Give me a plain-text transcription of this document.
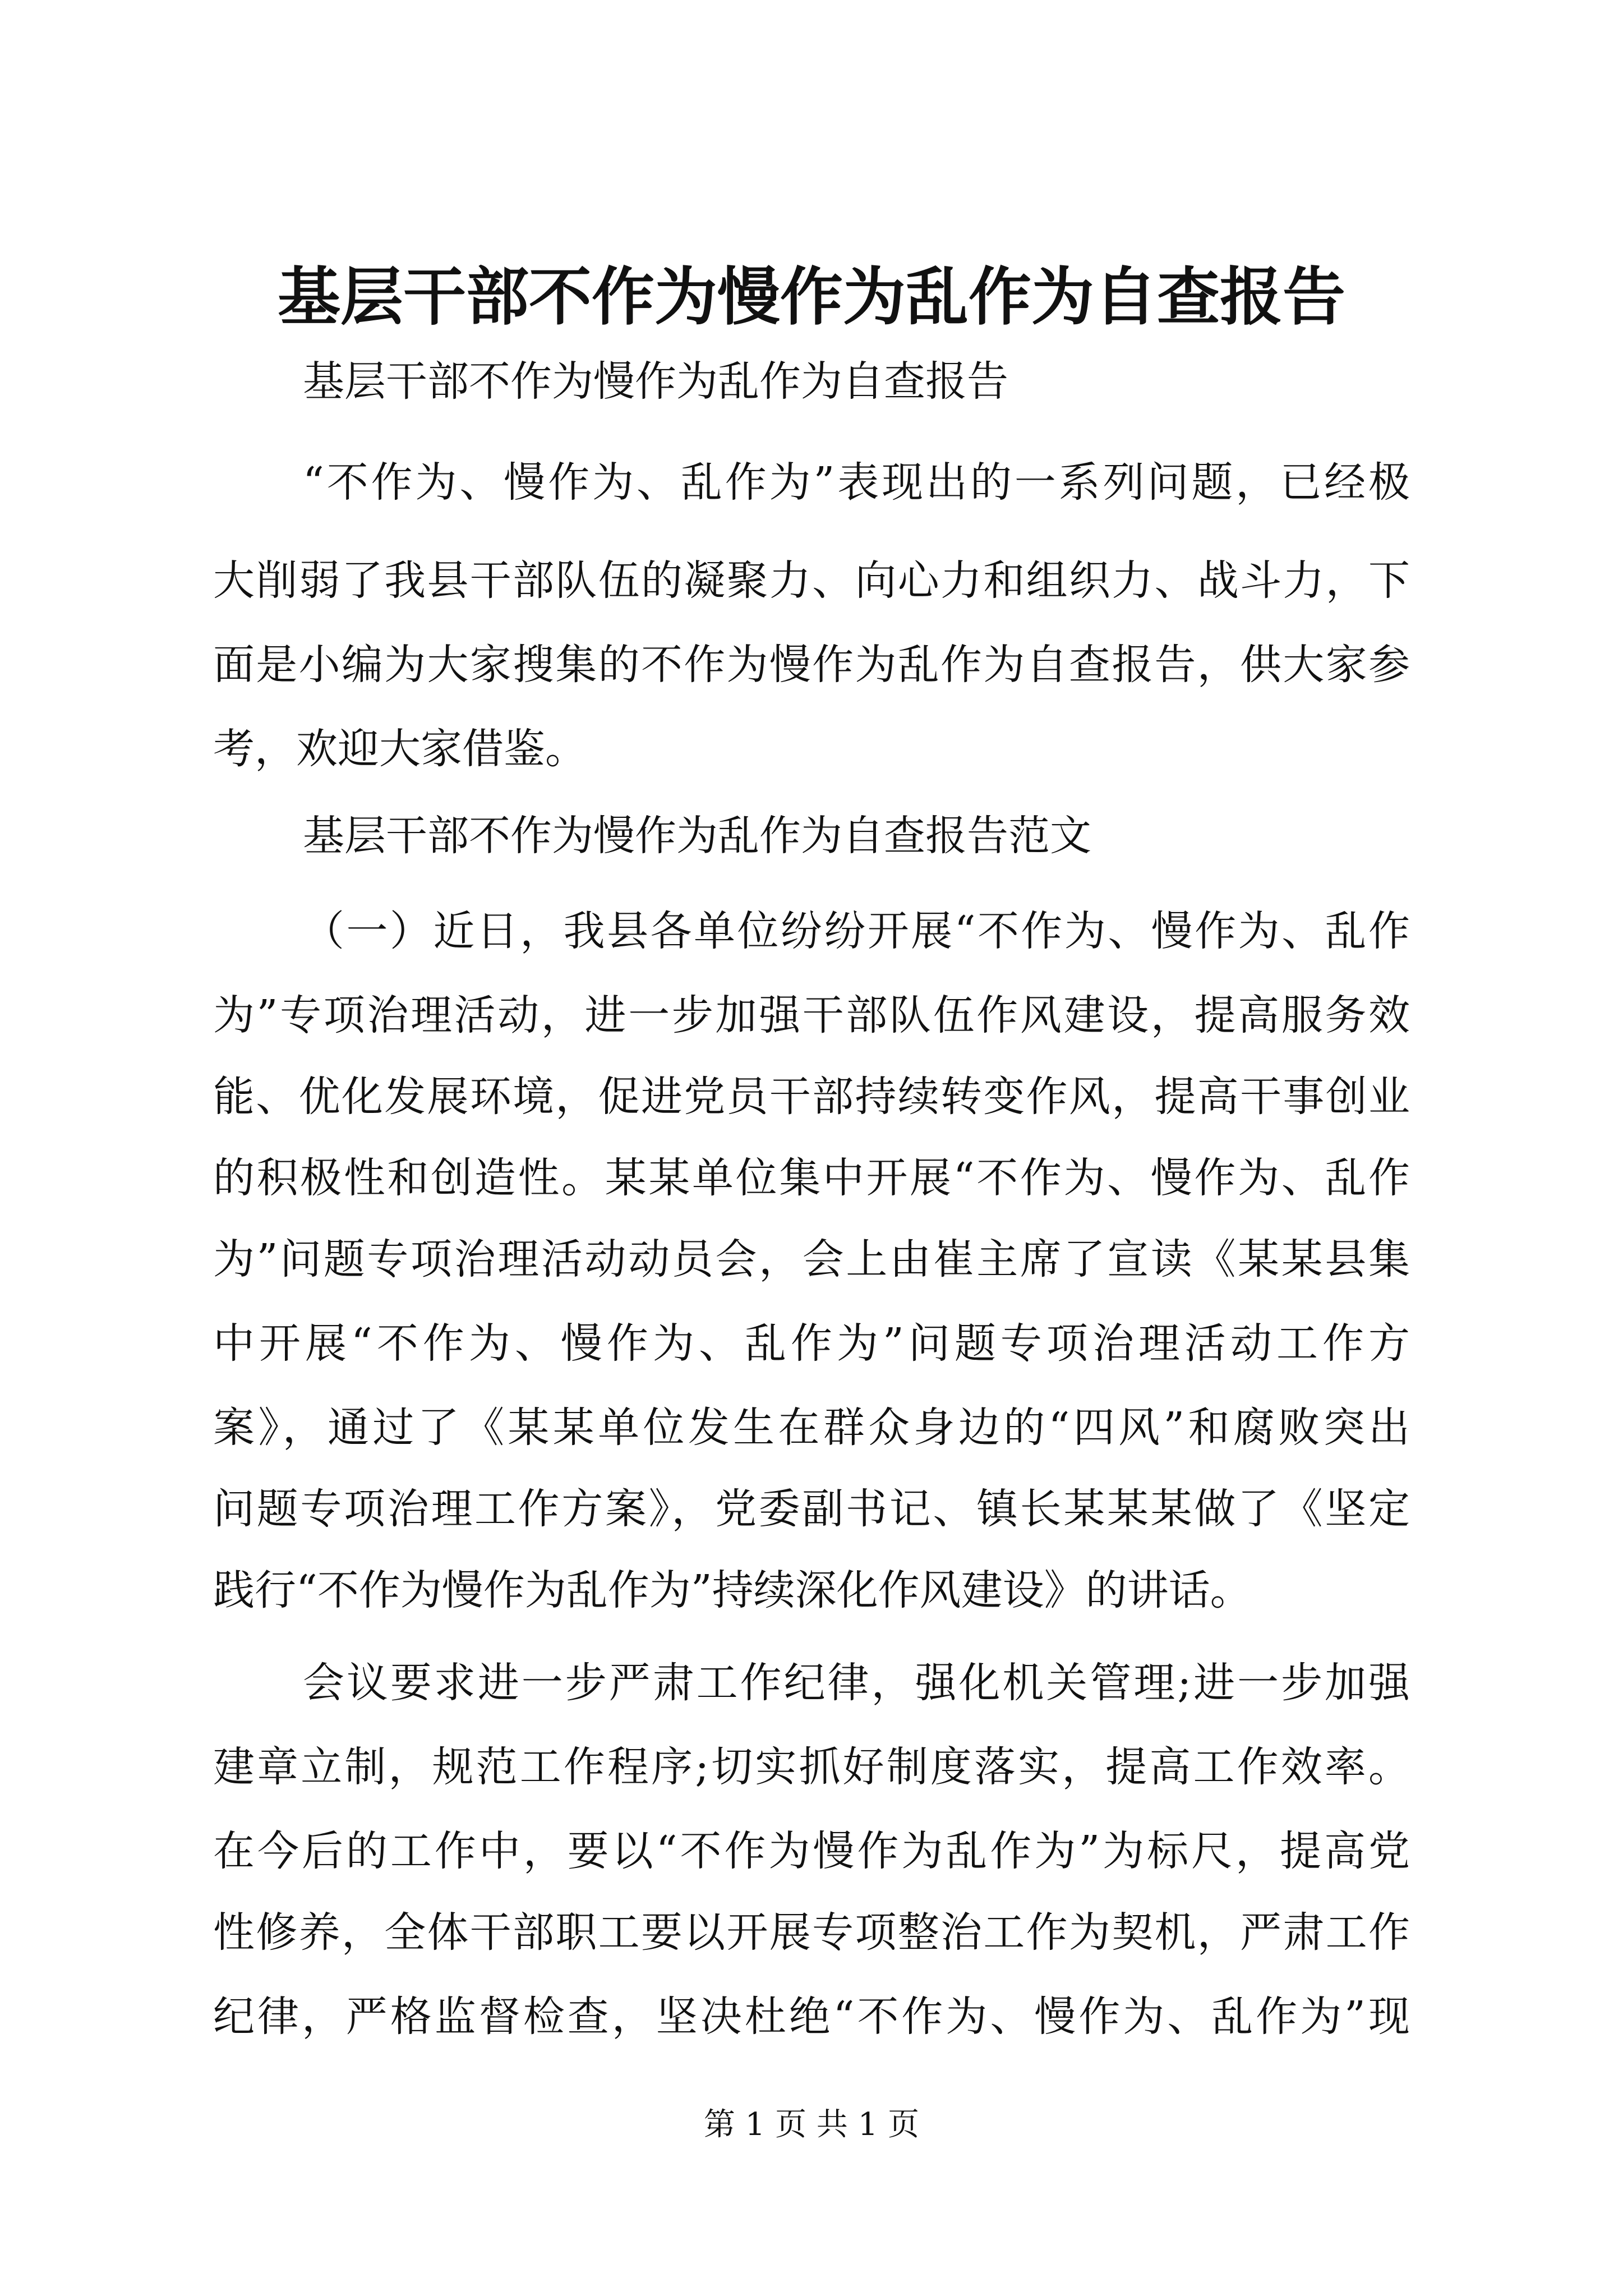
基层干部不作为慢作为乱作为自查报告

基层干部不作为慢作为乱作为自查报告

“不作为、慢作为、乱作为”表现出的一系列问题，已经极

大削弱了我县干部队伍的凝聚力、向心力和组织力、战斗力，下

面是小编为大家搜集的不作为慢作为乱作为自查报告，供大家参

考，欢迎大家借鉴。

基层干部不作为慢作为乱作为自查报告范文

（一）近日，我县各单位纷纷开展“不作为、慢作为、乱作

为”专项治理活动，进一步加强干部队伍作风建设，提高服务效

能、优化发展环境，促进党员干部持续转变作风，提高干事创业

的积极性和创造性。某某单位集中开展“不作为、慢作为、乱作

为”问题专项治理活动动员会，会上由崔主席了宣读《某某县集

中开展“不作为、慢作为、乱作为”问题专项治理活动工作方

案》，通过了《某某单位发生在群众身边的“四风”和腐败突出

问题专项治理工作方案》，党委副书记、镇长某某某做了《坚定

践行“不作为慢作为乱作为”持续深化作风建设》的讲话。

会议要求进一步严肃工作纪律，强化机关管理;进一步加强

建章立制，规范工作程序;切实抓好制度落实，提高工作效率。

在今后的工作中，要以“不作为慢作为乱作为”为标尺，提高党

性修养，全体干部职工要以开展专项整治工作为契机，严肃工作

纪律，严格监督检查，坚决杜绝“不作为、慢作为、乱作为”现

第 1 页 共 1 页
